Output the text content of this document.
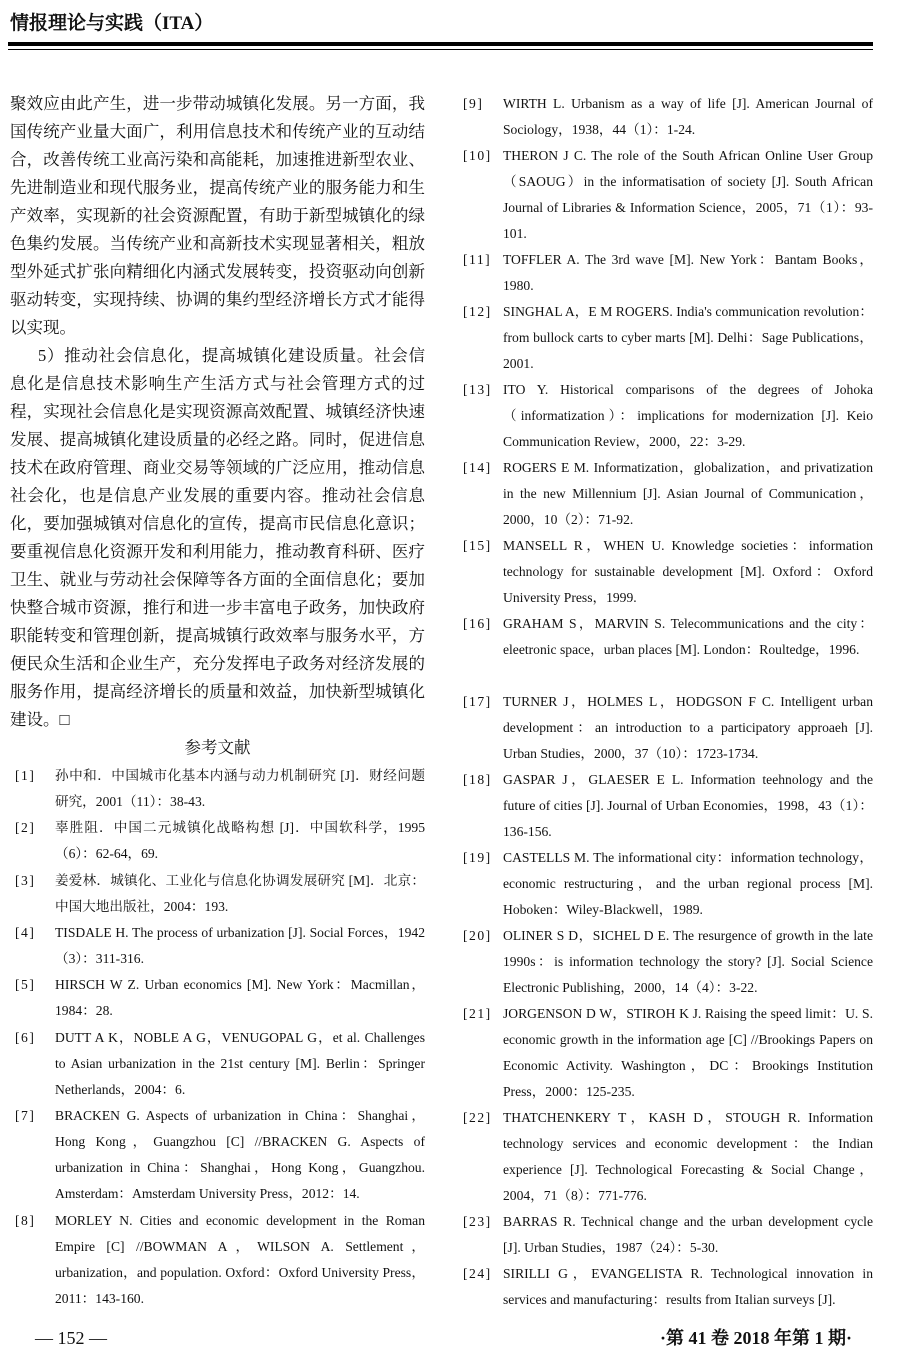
情报理论与实践（ITA）

聚效应由此产生，进一步带动城镇化发展。另一方面，我国传统产业量大面广，利用信息技术和传统产业的互动结合，改善传统工业高污染和高能耗，加速推进新型农业、先进制造业和现代服务业，提高传统产业的服务能力和生产效率，实现新的社会资源配置，有助于新型城镇化的绿色集约发展。当传统产业和高新技术实现显著相关，粗放型外延式扩张向精细化内涵式发展转变，投资驱动向创新驱动转变，实现持续、协调的集约型经济增长方式才能得以实现。

5）推动社会信息化，提高城镇化建设质量。社会信息化是信息技术影响生产生活方式与社会管理方式的过程，实现社会信息化是实现资源高效配置、城镇经济快速发展、提高城镇化建设质量的必经之路。同时，促进信息技术在政府管理、商业交易等领域的广泛应用，推动信息社会化，也是信息产业发展的重要内容。推动社会信息化，要加强城镇对信息化的宣传，提高市民信息化意识；要重视信息化资源开发和利用能力，推动教育科研、医疗卫生、就业与劳动社会保障等各方面的全面信息化；要加快整合城市资源，推行和进一步丰富电子政务，加快政府职能转变和管理创新，提高城镇行政效率与服务水平，方便民众生活和企业生产，充分发挥电子政务对经济发展的服务作用，提高经济增长的质量和效益，加快新型城镇化建设。□

参考文献
[1] 孙中和．中国城市化基本内涵与动力机制研究 [J]．财经问题研究，2001（11）：38-43.
[2] 辜胜阻．中国二元城镇化战略构想 [J]．中国软科学，1995（6）：62-64，69.
[3] 姜爱林．城镇化、工业化与信息化协调发展研究 [M]．北京：中国大地出版社，2004：193.
[4] TISDALE H. The process of urbanization [J]. Social Forces，1942（3）：311-316.
[5] HIRSCH W Z. Urban economics [M]. New York：Macmillan，1984：28.
[6] DUTT A K，NOBLE A G，VENUGOPAL G，et al. Challenges to Asian urbanization in the 21st century [M]. Berlin：Springer Netherlands，2004：6.
[7] BRACKEN G. Aspects of urbanization in China：Shanghai，Hong Kong，Guangzhou [C] //BRACKEN G. Aspects of urbanization in China：Shanghai，Hong Kong，Guangzhou. Amsterdam：Amsterdam University Press，2012：14.
[8] MORLEY N. Cities and economic development in the Roman Empire [C] //BOWMAN A，WILSON A. Settlement，urbanization，and population. Oxford：Oxford University Press，2011：143-160.
[9] WIRTH L. Urbanism as a way of life [J]. American Journal of Sociology，1938，44（1）：1-24.
[10] THERON J C. The role of the South African Online User Group（SAOUG）in the informatisation of society [J]. South African Journal of Libraries & Information Science，2005，71（1）：93-101.
[11] TOFFLER A. The 3rd wave [M]. New York：Bantam Books，1980.
[12] SINGHAL A，E M ROGERS. India's communication revolution：from bullock carts to cyber marts [M]. Delhi：Sage Publications，2001.
[13] ITO Y. Historical comparisons of the degrees of Johoka（informatization）：implications for modernization [J]. Keio Communication Review，2000，22：3-29.
[14] ROGERS E M. Informatization，globalization，and privatization in the new Millennium [J]. Asian Journal of Communication，2000，10（2）：71-92.
[15] MANSELL R，WHEN U. Knowledge societies：information technology for sustainable development [M]. Oxford：Oxford University Press，1999.
[16] GRAHAM S，MARVIN S. Telecommunications and the city：eleetronic space，urban places [M]. London：Roultedge，1996.
[17] TURNER J，HOLMES L，HODGSON F C. Intelligent urban development：an introduction to a participatory approaeh [J]. Urban Studies，2000，37（10）：1723-1734.
[18] GASPAR J，GLAESER E L. Information teehnology and the future of cities [J]. Journal of Urban Economies，1998，43（1）：136-156.
[19] CASTELLS M. The informational city：information technology，economic restructuring，and the urban regional process [M]. Hoboken：Wiley-Blackwell，1989.
[20] OLINER S D，SICHEL D E. The resurgence of growth in the late 1990s：is information technology the story? [J]. Social Science Electronic Publishing，2000，14（4）：3-22.
[21] JORGENSON D W，STIROH K J. Raising the speed limit：U. S. economic growth in the information age [C] //Brookings Papers on Economic Activity. Washington，DC：Brookings Institution Press，2000：125-235.
[22] THATCHENKERY T，KASH D，STOUGH R. Information technology services and economic development：the Indian experience [J]. Technological Forecasting & Social Change，2004，71（8）：771-776.
[23] BARRAS R. Technical change and the urban development cycle [J]. Urban Studies，1987（24）：5-30.
[24] SIRILLI G，EVANGELISTA R. Technological innovation in services and manufacturing：results from Italian surveys [J].
— 152 —	·第 41 卷 2018 年第 1 期·
